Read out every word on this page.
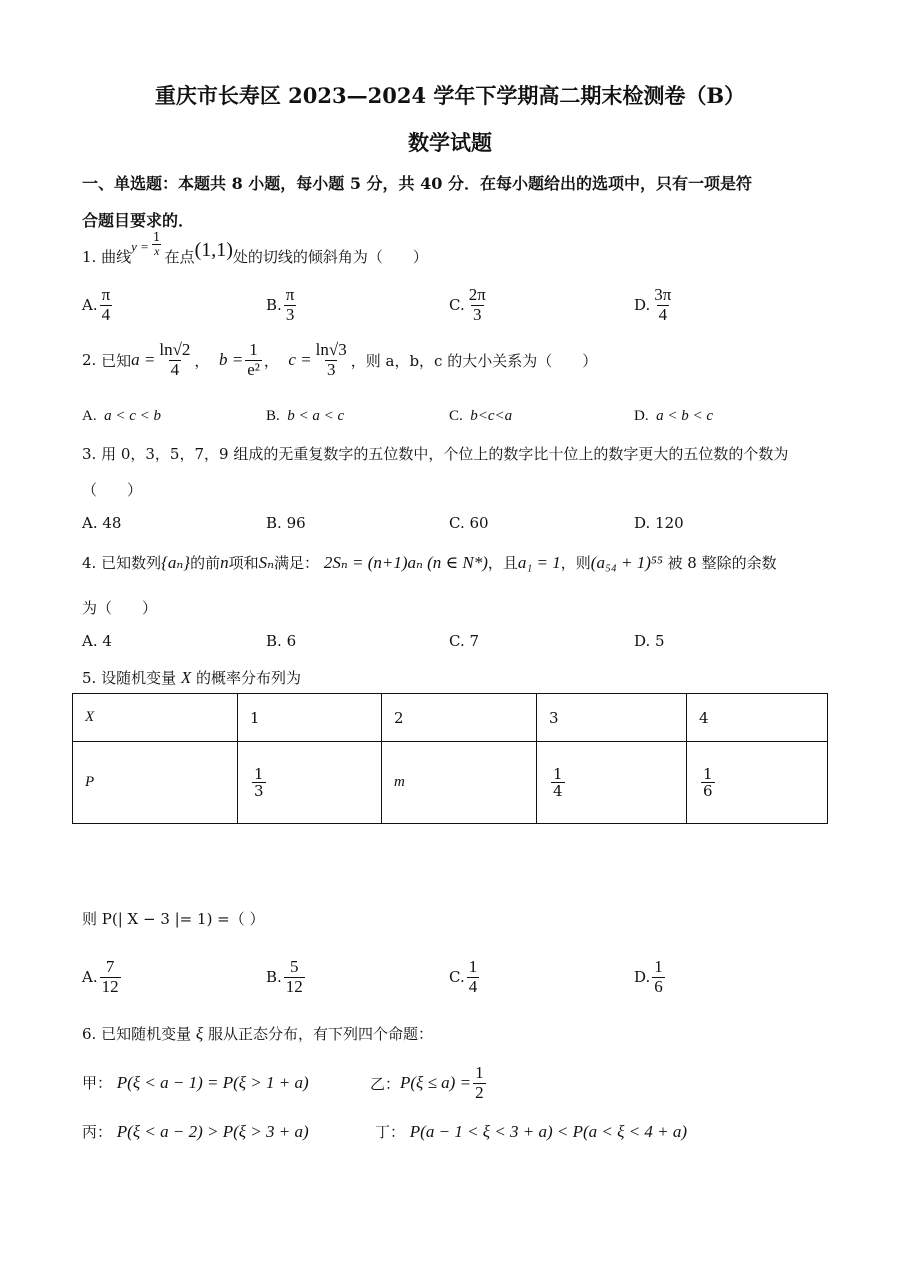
重庆市长寿区 2023—2024 学年下学期高二期末检测卷（B）
数学试题
一、单选题：本题共 8 小题，每小题 5 分，共 40 分．在每小题给出的选项中，只有一项是符
合题目要求的．
1.
曲线
$y = \frac{1}{x}$ 在点 (1,1) 处的切线的倾斜角为（　　）
A. $\frac{\pi}{4}$	B. $\frac{\pi}{3}$	C. $\frac{2\pi}{3}$	D. $\frac{3\pi}{4}$
2.
已知 $a = \frac{\ln√2}{4}$ ， $b = \frac{1}{\text{e²}}$ ， $c = \frac{\ln√3}{3}$ ，则 a，b，c 的大小关系为（　　）
A. a < c < b	B. b < a < c	C. b<c<a	D. a < b < c
3. 用 0，3，5，7，9 组成的无重复数字的五位数中，个位上的数字比十位上的数字更大的五位数的个数为
（　　）
A. 48	B. 96	C. 60	D. 120
4.
已知数列 {aₙ} 的前 n 项和 Sₙ 满足：
2Sₙ = (n+1)aₙ (n ∈ N*) ，且 a₁ = 1 ，则 (a₅₄ + 1)⁵⁵
被 8 整除的余数
为（　　）
A. 4	B. 6	C. 7	D. 5
5. 设随机变量 X 的概率分布列为
X	1	2	3	4
P	$\frac{1}{3}$	m	$\frac{1}{4}$	$\frac{1}{6}$
则 P(| X − 3 |= 1) =（ ）
A. $\frac{7}{12}$	B. $\frac{5}{12}$	C. $\frac{1}{4}$	D. $\frac{1}{6}$
6. 已知随机变量 ξ 服从正态分布，有下列四个命题：
甲： P(ξ < a − 1) = P(ξ > 1 + a)	乙： $P(\xi \le a) = \frac{1}{2}$
丙： P(ξ < a − 2) > P(ξ > 3 + a)	丁： P(a − 1 < ξ < 3 + a) < P(a < ξ < 4 + a)
